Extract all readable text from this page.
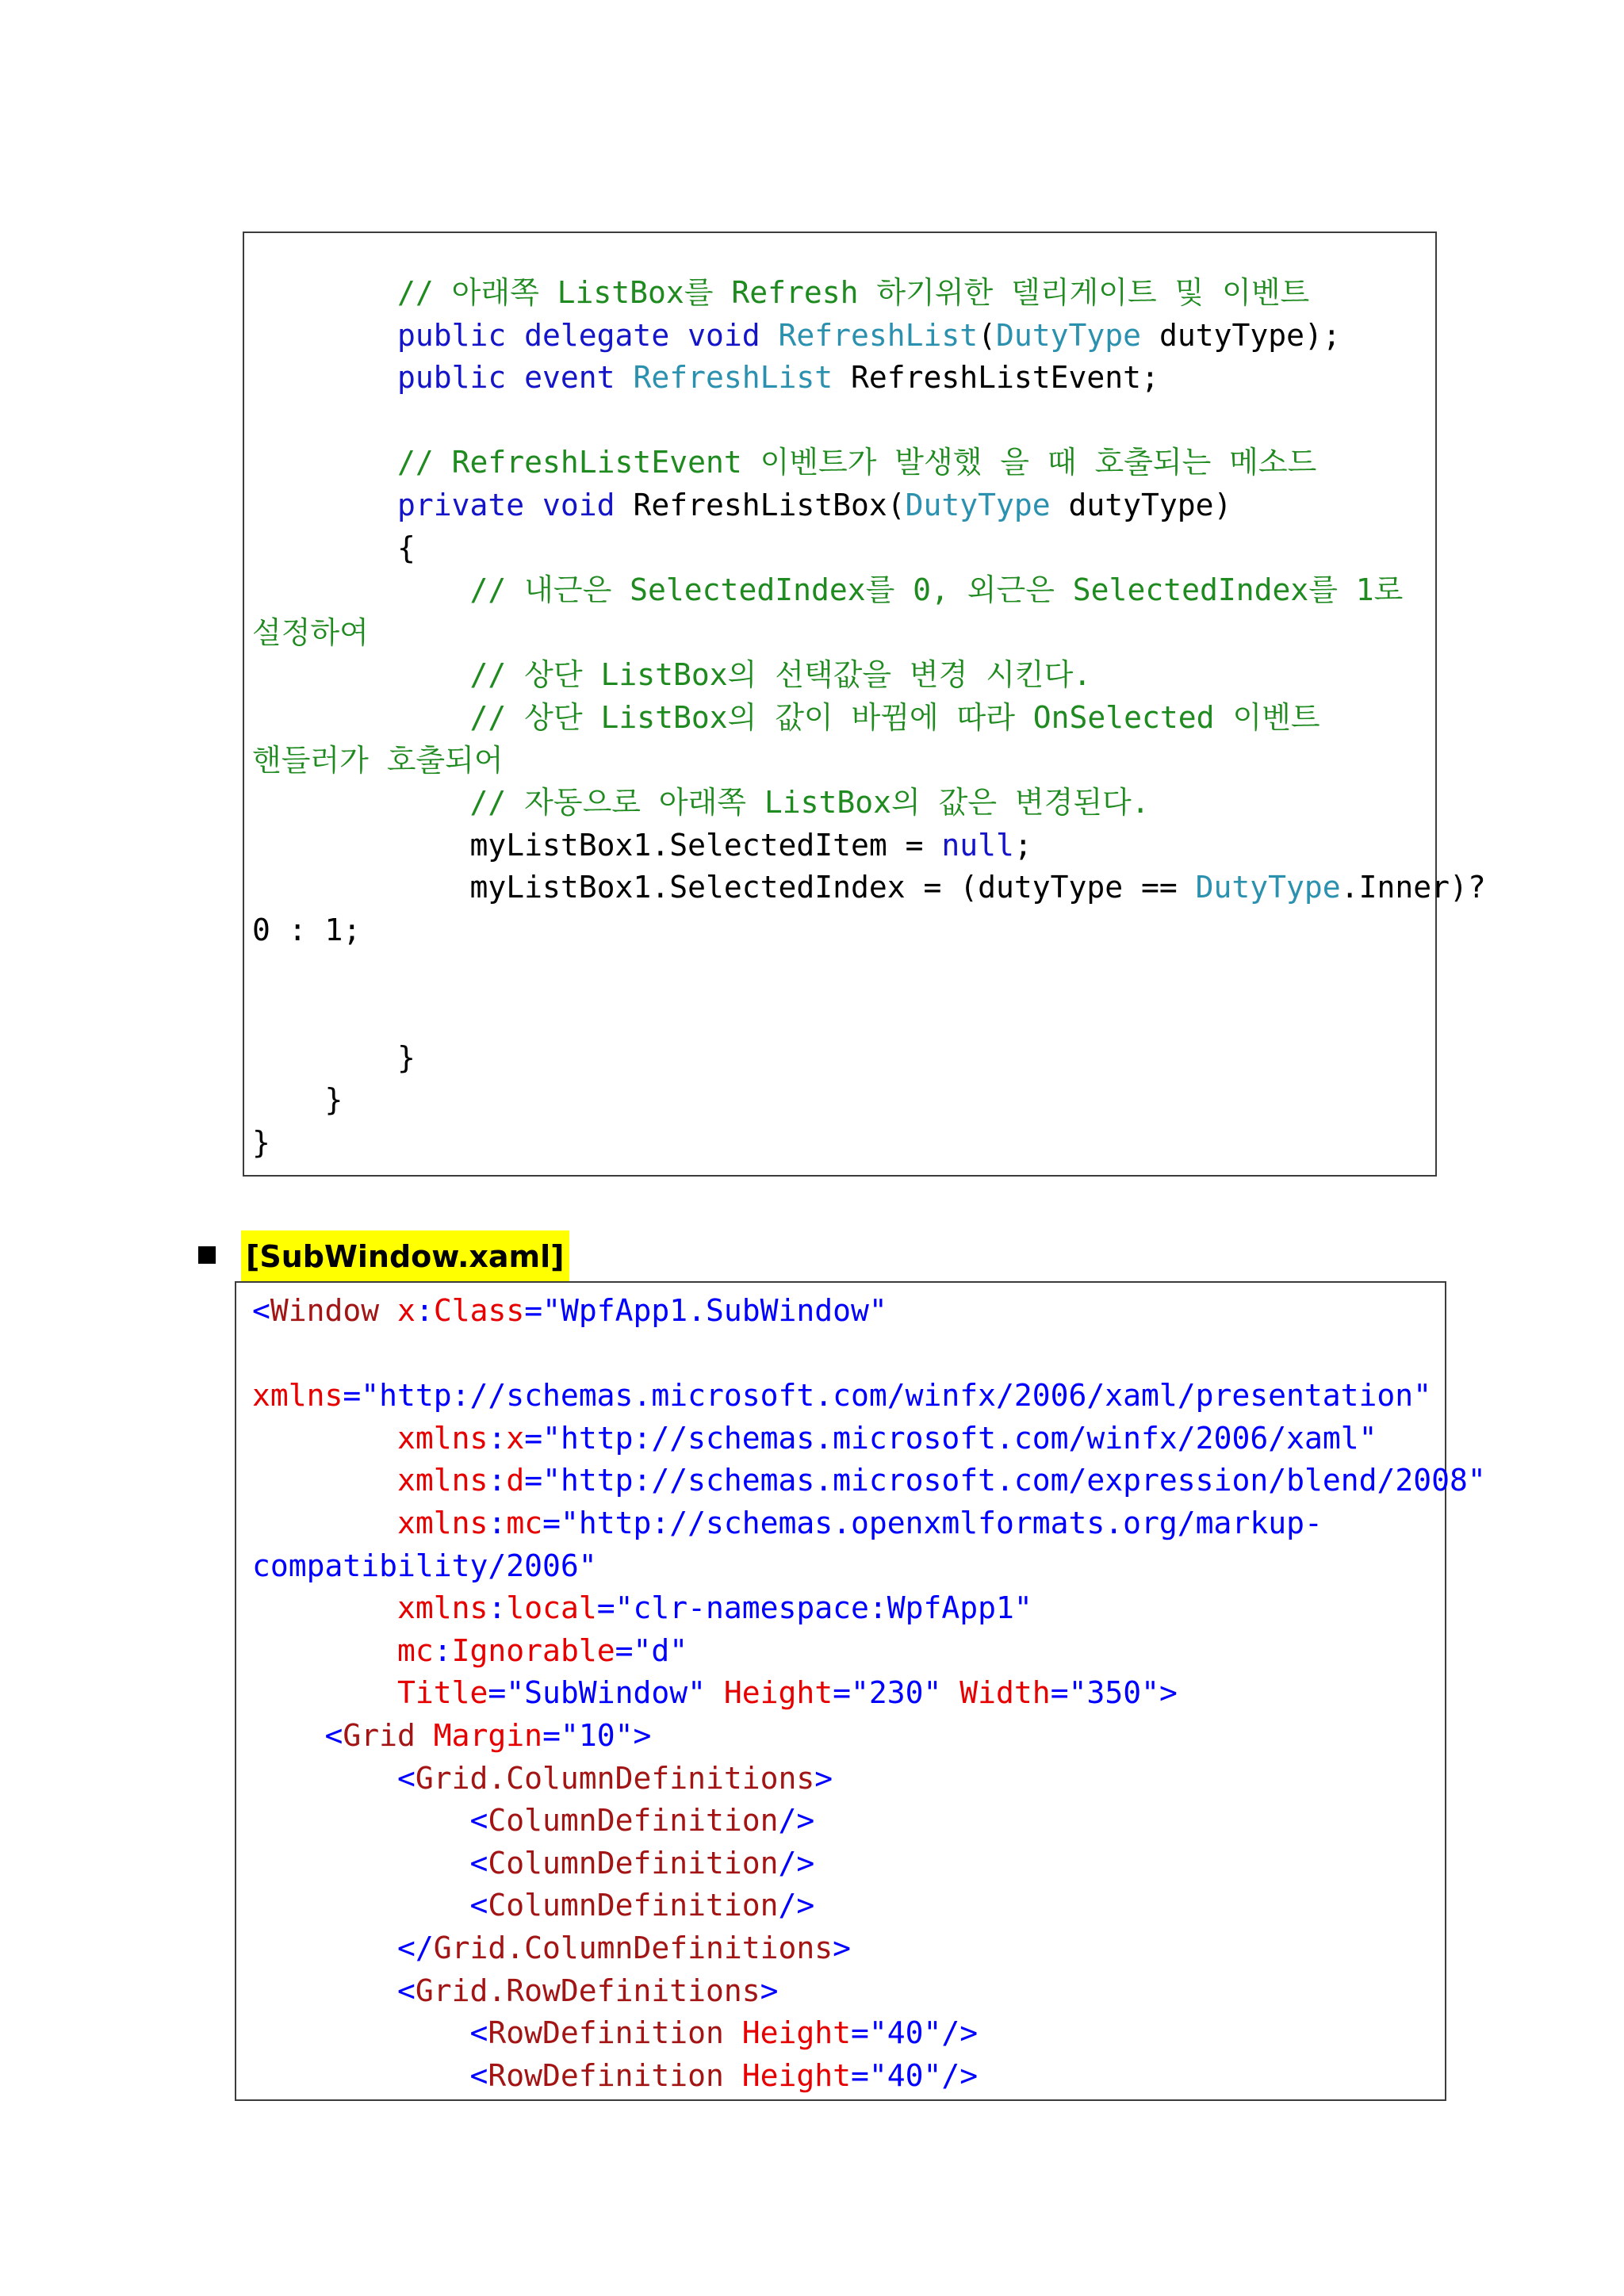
// 아래쪽 ListBox를 Refresh 하기위한 델리게이트 및 이벤트
public delegate void RefreshList(DutyType dutyType);
public event RefreshList RefreshListEvent;
// RefreshListEvent 이벤트가 발생했 을 때 호출되는 메소드
private void RefreshListBox(DutyType dutyType)
{
// 내근은 SelectedIndex를 0, 외근은 SelectedIndex를 1로
설정하여
// 상단 ListBox의 선택값을 변경 시킨다.
// 상단 ListBox의 값이 바뀜에 따라 OnSelected 이벤트
핸들러가 호출되어
// 자동으로 아래쪽 ListBox의 값은 변경된다.
myListBox1.SelectedItem = null;
myListBox1.SelectedIndex = (dutyType == DutyType.Inner)?
0 : 1;
}
}
}
[SubWindow.xaml]
<Window x:Class="WpfApp1.SubWindow"
xmlns="http://schemas.microsoft.com/winfx/2006/xaml/presentation"
xmlns:x="http://schemas.microsoft.com/winfx/2006/xaml"
xmlns:d="http://schemas.microsoft.com/expression/blend/2008"
xmlns:mc="http://schemas.openxmlformats.org/markup-
compatibility/2006"
xmlns:local="clr-namespace:WpfApp1"
mc:Ignorable="d"
Title="SubWindow" Height="230" Width="350">
<Grid Margin="10">
<Grid.ColumnDefinitions>
<ColumnDefinition/>
<ColumnDefinition/>
<ColumnDefinition/>
</Grid.ColumnDefinitions>
<Grid.RowDefinitions>
<RowDefinition Height="40"/>
<RowDefinition Height="40"/>
